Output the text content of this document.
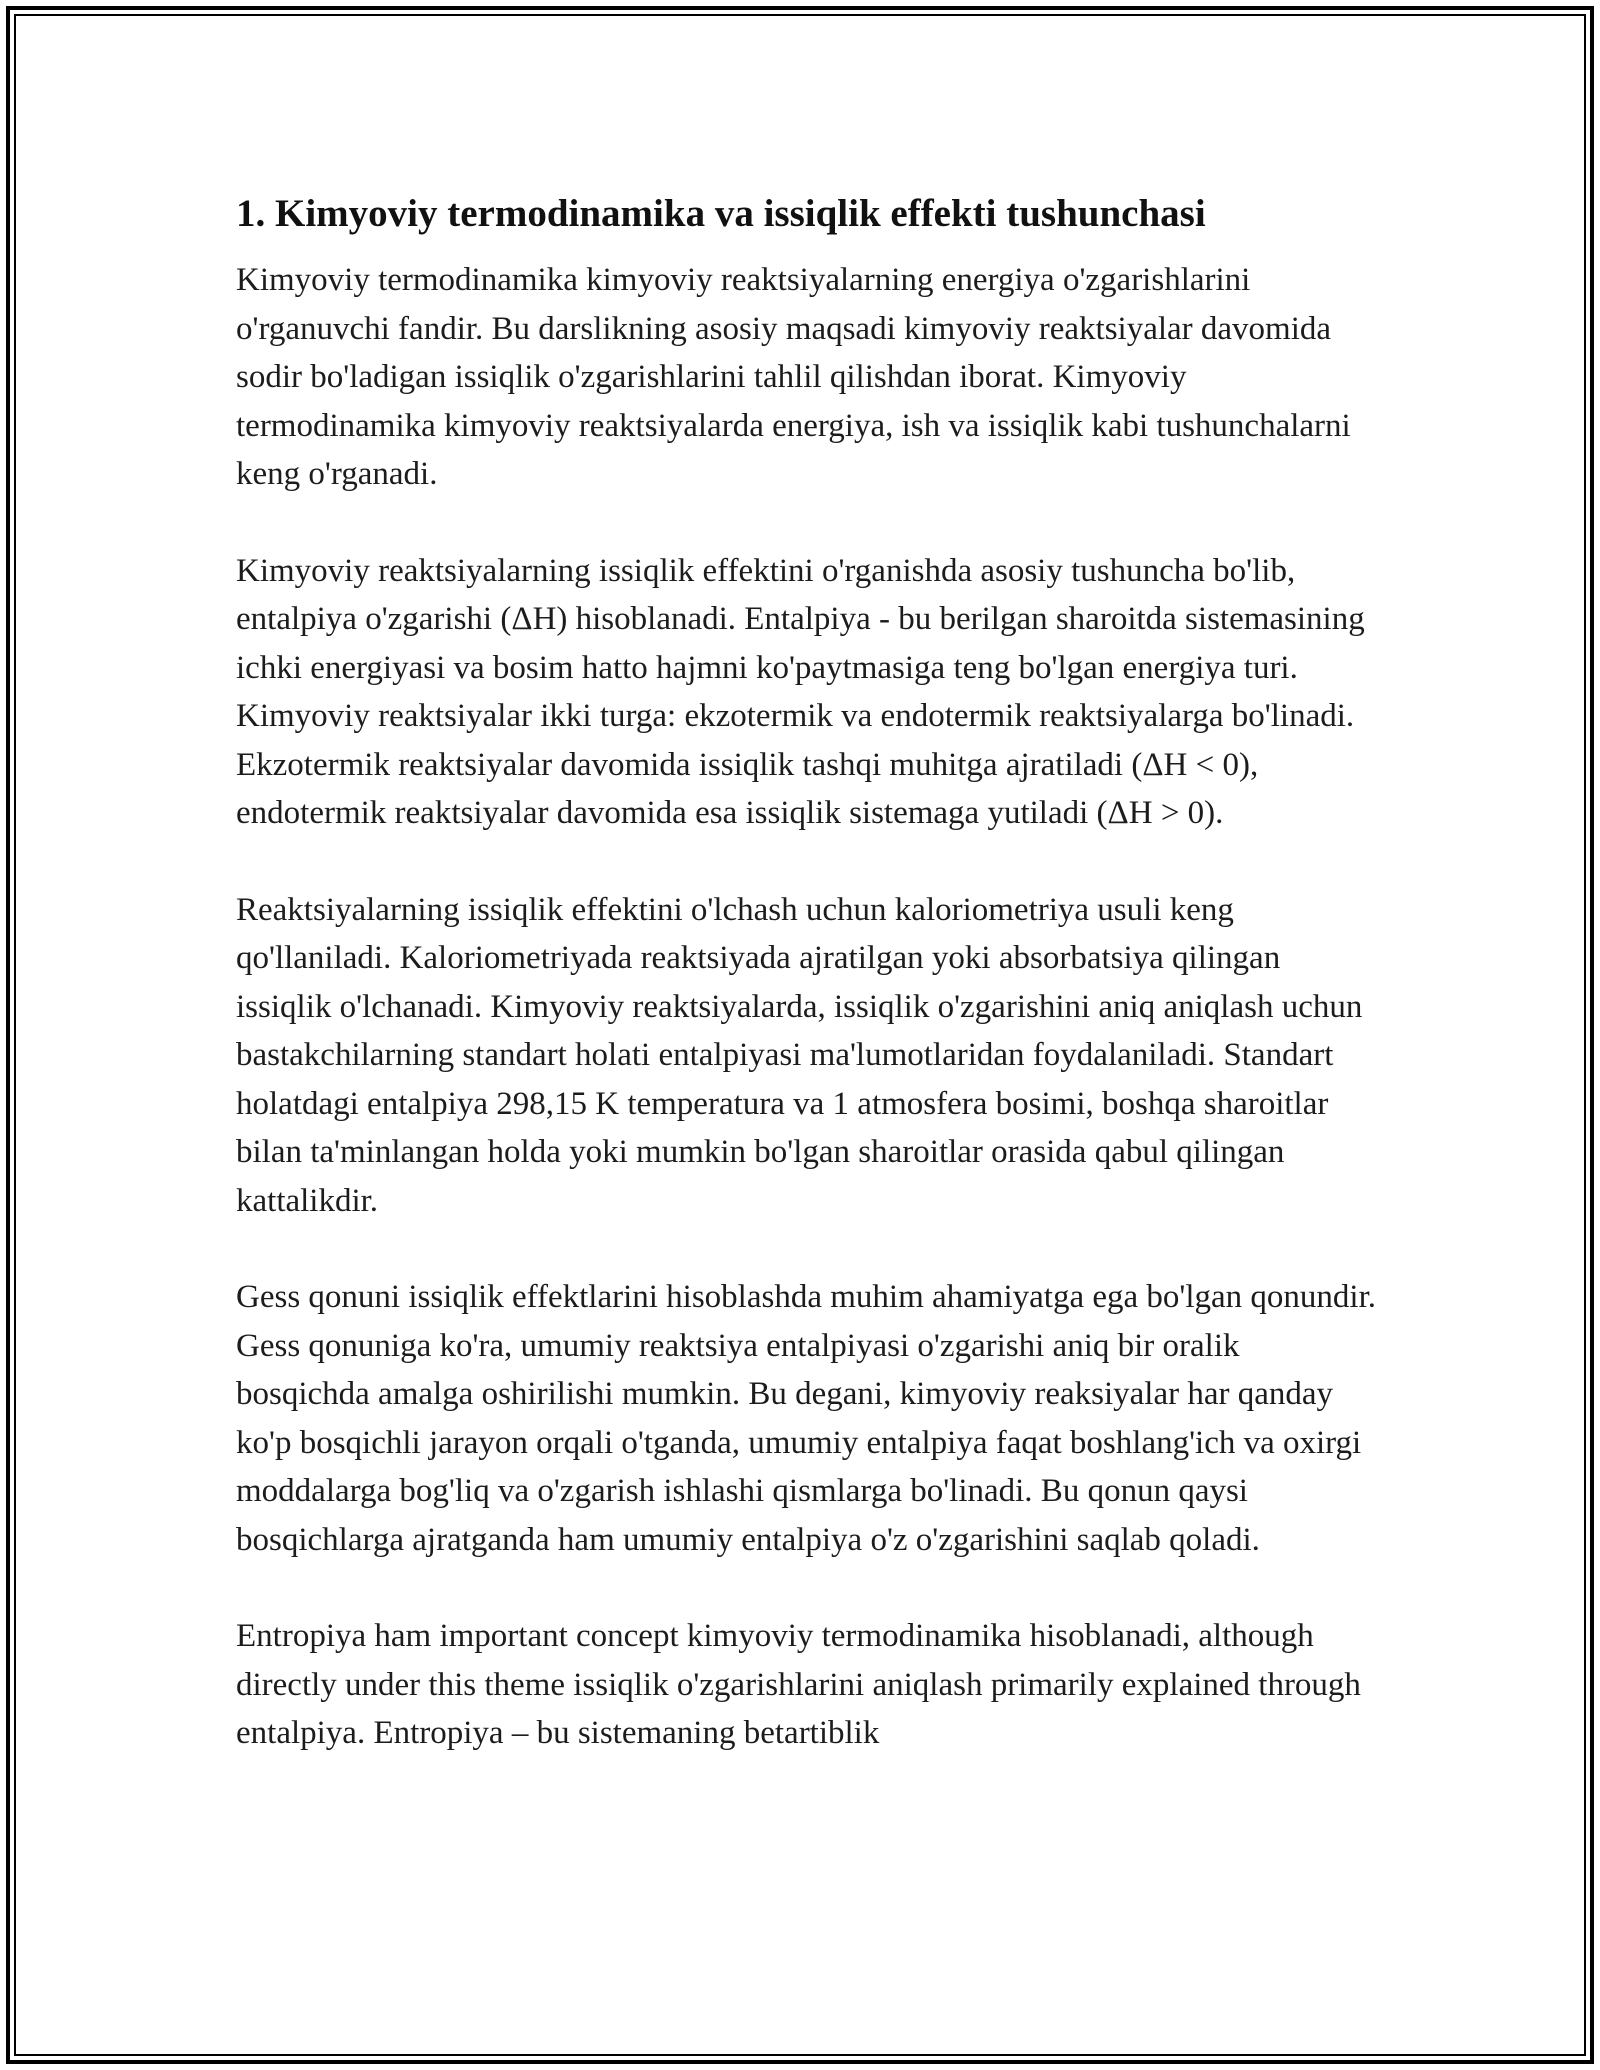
1. Kimyoviy termodinamika va issiqlik effekti tushunchasi

Kimyoviy termodinamika kimyoviy reaktsiyalarning energiya o'zgarishlarini o'rganuvchi fandir. Bu darslikning asosiy maqsadi kimyoviy reaktsiyalar davomida sodir bo'ladigan issiqlik o'zgarishlarini tahlil qilishdan iborat. Kimyoviy termodinamika kimyoviy reaktsiyalarda energiya, ish va issiqlik kabi tushunchalarni keng o'rganadi.

Kimyoviy reaktsiyalarning issiqlik effektini o'rganishda asosiy tushuncha bo'lib, entalpiya o'zgarishi (ΔH) hisoblanadi. Entalpiya - bu berilgan sharoitda sistemasining ichki energiyasi va bosim hatto hajmni ko'paytmasiga teng bo'lgan energiya turi. Kimyoviy reaktsiyalar ikki turga: ekzotermik va endotermik reaktsiyalarga bo'linadi. Ekzotermik reaktsiyalar davomida issiqlik tashqi muhitga ajratiladi (ΔH < 0), endotermik reaktsiyalar davomida esa issiqlik sistemaga yutiladi (ΔH > 0).

Reaktsiyalarning issiqlik effektini o'lchash uchun kaloriometriya usuli keng qo'llaniladi. Kaloriometriyada reaktsiyada ajratilgan yoki absorbatsiya qilingan issiqlik o'lchanadi. Kimyoviy reaktsiyalarda, issiqlik o'zgarishini aniq aniqlash uchun bastakchilarning standart holati entalpiyasi ma'lumotlaridan foydalaniladi. Standart holatdagi entalpiya 298,15 K temperatura va 1 atmosfera bosimi, boshqa sharoitlar bilan ta'minlangan holda yoki mumkin bo'lgan sharoitlar orasida qabul qilingan kattalikdir.

Gess qonuni issiqlik effektlarini hisoblashda muhim ahamiyatga ega bo'lgan qonundir. Gess qonuniga ko'ra, umumiy reaktsiya entalpiyasi o'zgarishi aniq bir oralik bosqichda amalga oshirilishi mumkin. Bu degani, kimyoviy reaksiyalar har qanday ko'p bosqichli jarayon orqali o'tganda, umumiy entalpiya faqat boshlang'ich va oxirgi moddalarga bog'liq va o'zgarish ishlashi qismlarga bo'linadi. Bu qonun qaysi bosqichlarga ajratganda ham umumiy entalpiya o'z o'zgarishini saqlab qoladi.

Entropiya ham important concept kimyoviy termodinamika hisoblanadi, although directly under this theme issiqlik o'zgarishlarini aniqlash primarily explained through entalpiya. Entropiya – bu sistemaning betartiblik
